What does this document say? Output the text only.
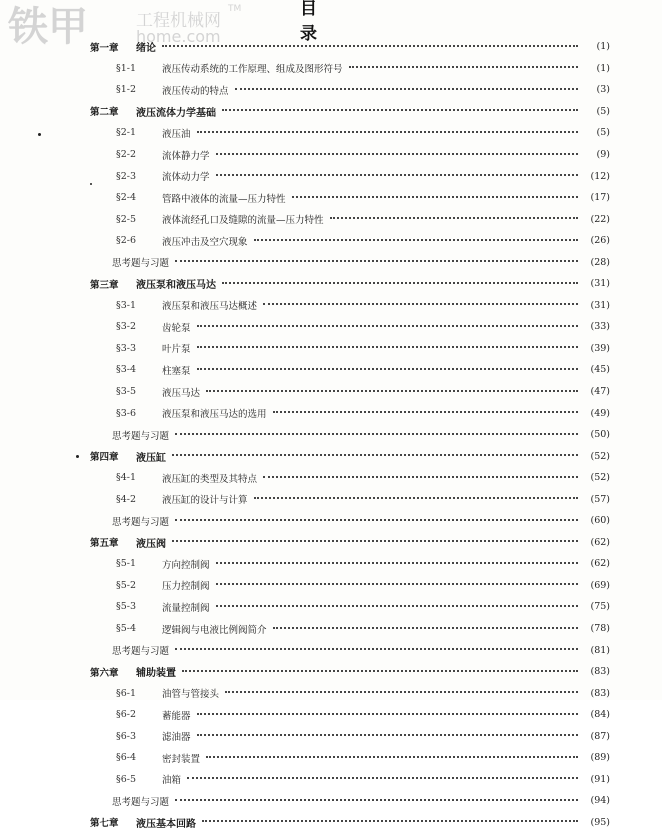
铁甲	工程机械网
home.com
TM	目 录
第一章	绪论	(1)
§1-1	液压传动系统的工作原理、组成及图形符号	(1)
§1-2	液压传动的特点	(3)
第二章	液压流体力学基础	(5)
§2-1	液压油	(5)
§2-2	流体静力学	(9)
§2-3	流体动力学	(12)
§2-4	管路中液体的流量—压力特性	(17)
§2-5	液体流经孔口及缝隙的流量—压力特性	(22)
§2-6	液压冲击及空穴现象	(26)
思考题与习题	(28)
第三章	液压泵和液压马达	(31)
§3-1	液压泵和液压马达概述	(31)
§3-2	齿轮泵	(33)
§3-3	叶片泵	(39)
§3-4	柱塞泵	(45)
§3-5	液压马达	(47)
§3-6	液压泵和液压马达的选用	(49)
思考题与习题	(50)
第四章	液压缸	(52)
§4-1	液压缸的类型及其特点	(52)
§4-2	液压缸的设计与计算	(57)
思考题与习题	(60)
第五章	液压阀	(62)
§5-1	方向控制阀	(62)
§5-2	压力控制阀	(69)
§5-3	流量控制阀	(75)
§5-4	逻辑阀与电液比例阀简介	(78)
思考题与习题	(81)
第六章	辅助装置	(83)
§6-1	油管与管接头	(83)
§6-2	蓄能器	(84)
§6-3	滤油器	(87)
§6-4	密封装置	(89)
§6-5	油箱	(91)
思考题与习题	(94)
第七章	液压基本回路	(95)
